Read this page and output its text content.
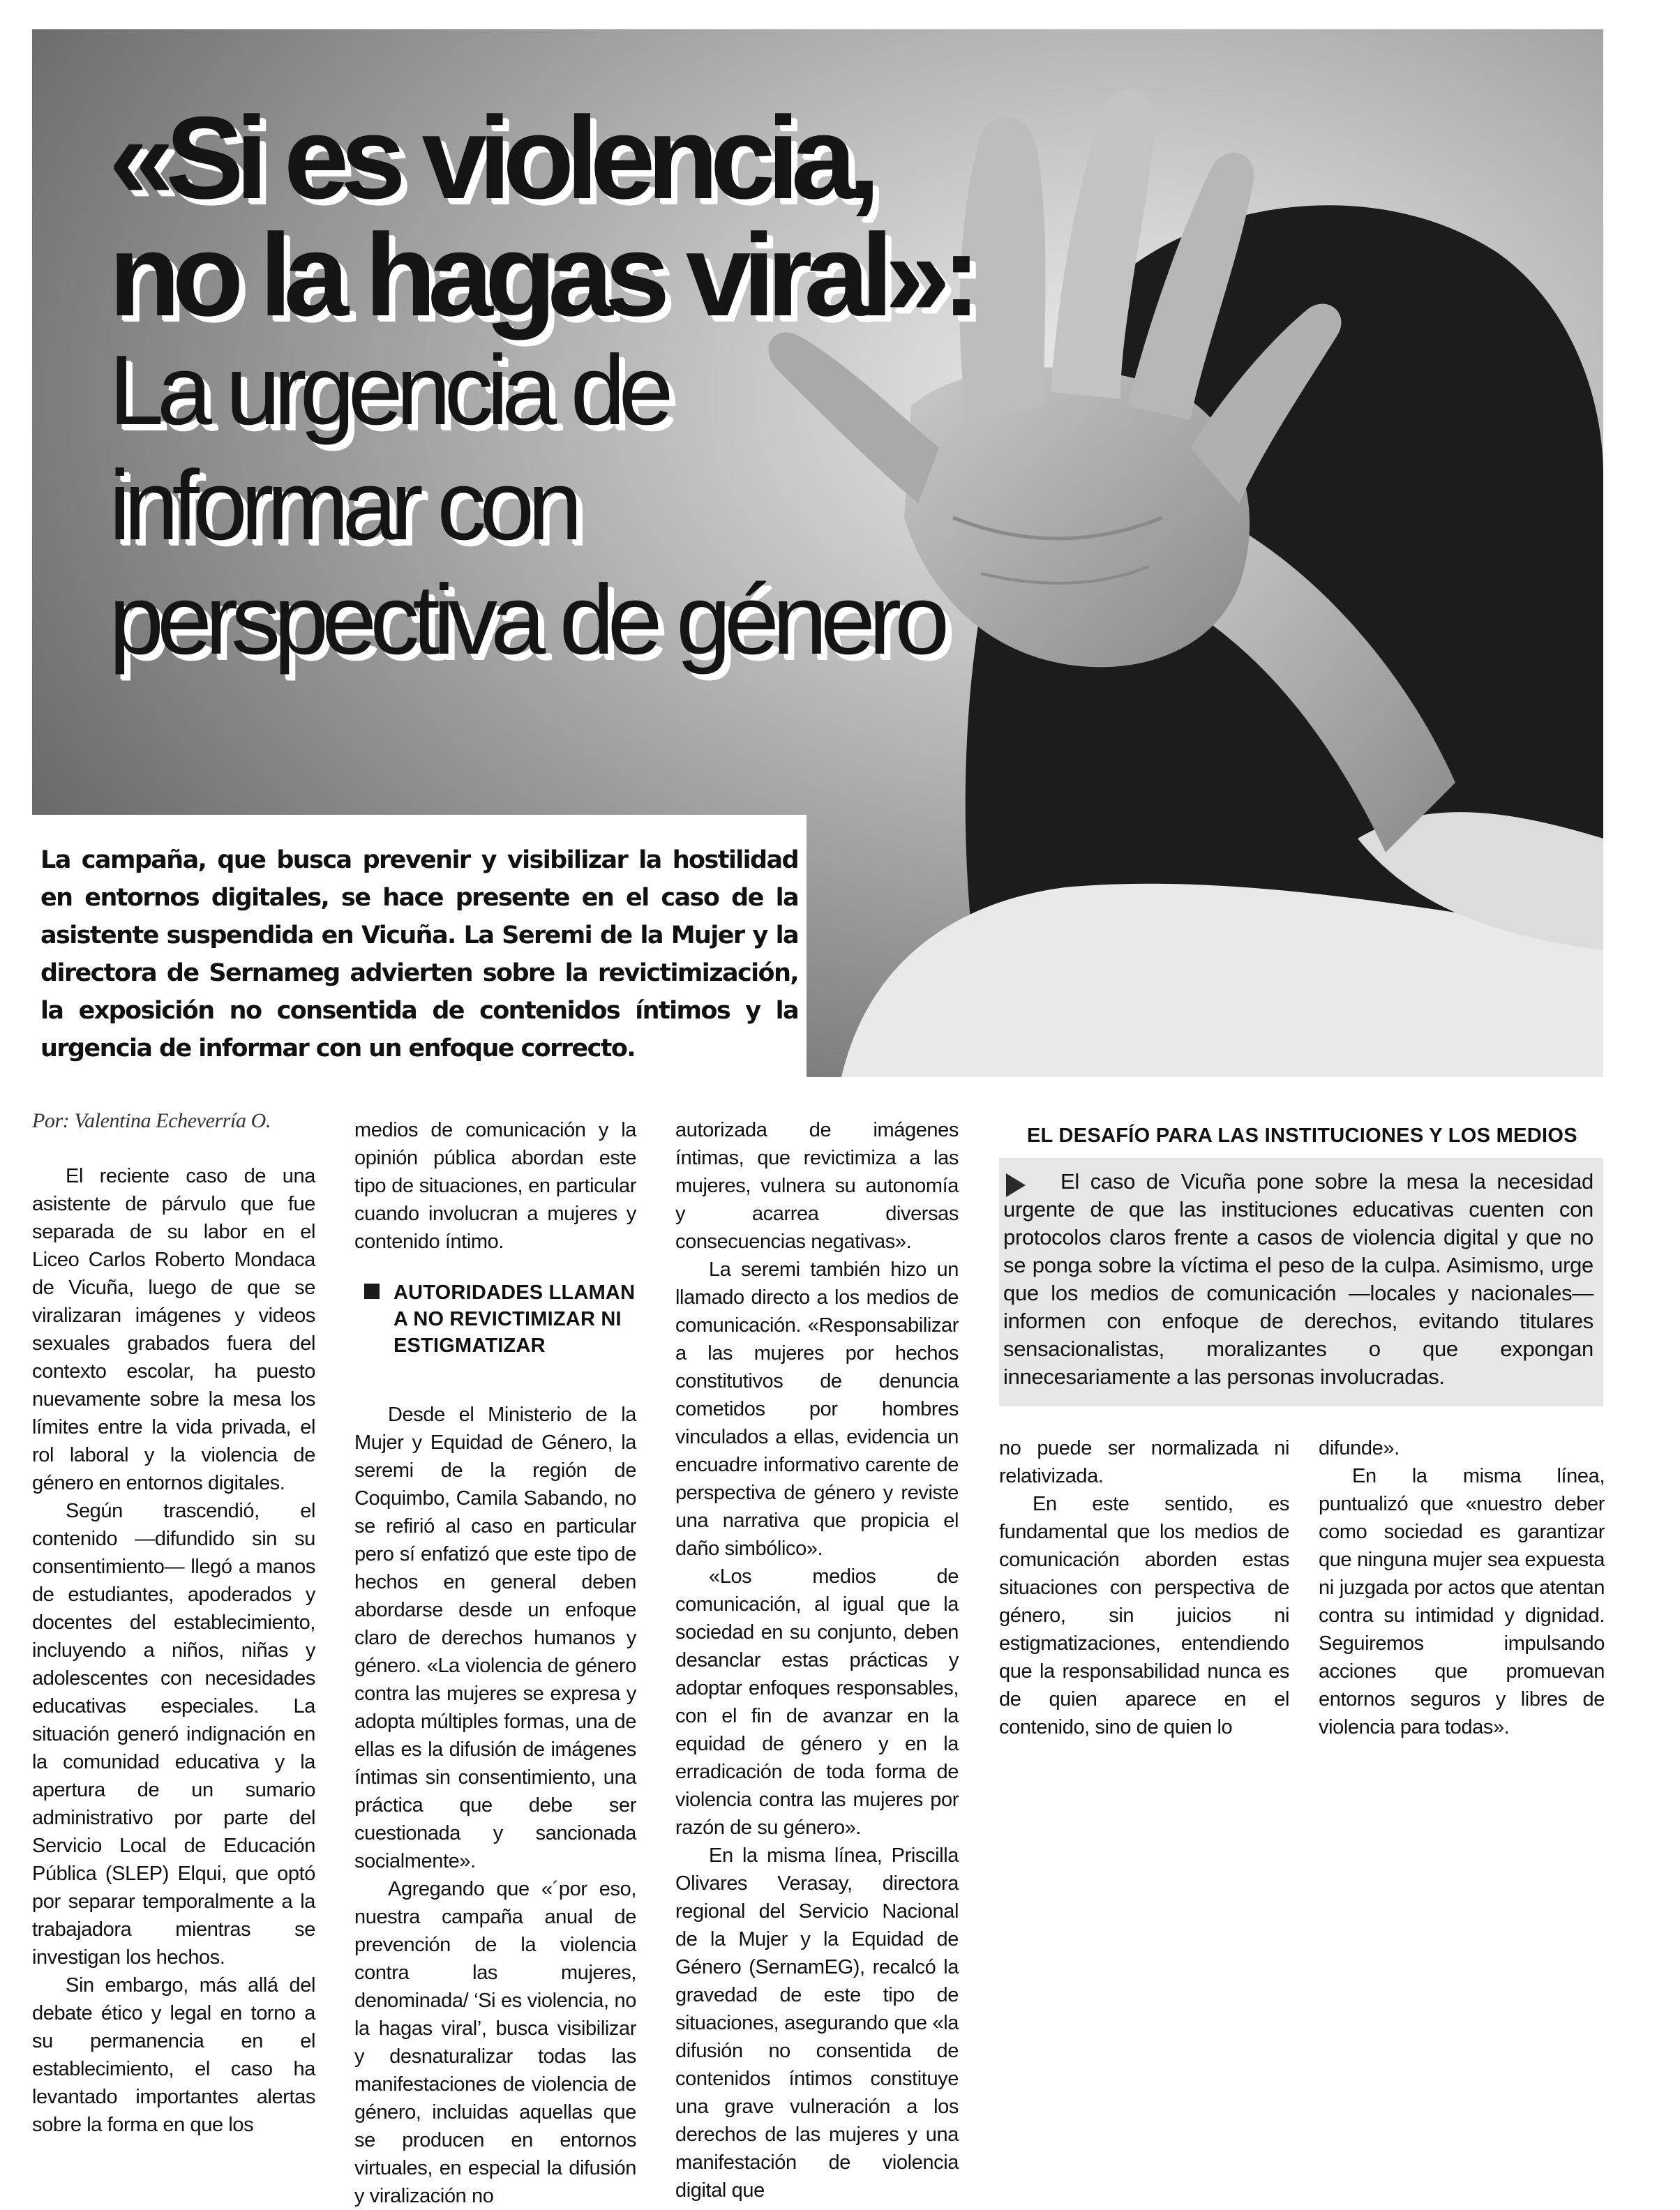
«Si es violencia,
no la hagas viral»:
La urgencia de
informar con
perspectiva de género

La campaña, que busca prevenir y visibilizar la hostilidad en entornos digitales, se hace presente en el caso de la asistente suspendida en Vicuña. La Seremi de la Mujer y la directora de Sernameg advierten sobre la revictimización, la exposición no consentida de contenidos íntimos y la urgencia de informar con un enfoque correcto.

Por: Valentina Echeverría O.

El reciente caso de una asistente de párvulo que fue separada de su labor en el Liceo Carlos Roberto Mondaca de Vicuña, luego de que se viralizaran imágenes y videos sexuales grabados fuera del contexto escolar, ha puesto nuevamente sobre la mesa los límites entre la vida privada, el rol laboral y la violencia de género en entornos digitales.

Según trascendió, el contenido —difundido sin su consentimiento— llegó a manos de estudiantes, apoderados y docentes del establecimiento, incluyendo a niños, niñas y adolescentes con necesidades educativas especiales. La situación generó indignación en la comunidad educativa y la apertura de un sumario administrativo por parte del Servicio Local de Educación Pública (SLEP) Elqui, que optó por separar temporalmente a la trabajadora mientras se investigan los hechos.

Sin embargo, más allá del debate ético y legal en torno a su permanencia en el establecimiento, el caso ha levantado importantes alertas sobre la forma en que los

medios de comunicación y la opinión pública abordan este tipo de situaciones, en particular cuando involucran a mujeres y contenido íntimo.

AUTORIDADES LLAMAN A NO REVICTIMIZAR NI ESTIGMATIZAR

Desde el Ministerio de la Mujer y Equidad de Género, la seremi de la región de Coquimbo, Camila Sabando, no se refirió al caso en particular pero sí enfatizó que este tipo de hechos en general deben abordarse desde un enfoque claro de derechos humanos y género. «La violencia de género contra las mujeres se expresa y adopta múltiples formas, una de ellas es la difusión de imágenes íntimas sin consentimiento, una práctica que debe ser cuestionada y sancionada socialmente».

Agregando que «´por eso, nuestra campaña anual de prevención de la violencia contra las mujeres, denominada/ ‘Si es violencia, no la hagas viral’, busca visibilizar y desnaturalizar todas las manifestaciones de violencia de género, incluidas aquellas que se producen en entornos virtuales, en especial la difusión y viralización no

autorizada de imágenes íntimas, que revictimiza a las mujeres, vulnera su autonomía y acarrea diversas consecuencias negativas».

La seremi también hizo un llamado directo a los medios de comunicación. «Responsabilizar a las mujeres por hechos constitutivos de denuncia cometidos por hombres vinculados a ellas, evidencia un encuadre informativo carente de perspectiva de género y reviste una narrativa que propicia el daño simbólico».

«Los medios de comunicación, al igual que la sociedad en su conjunto, deben desanclar estas prácticas y adoptar enfoques responsables, con el fin de avanzar en la equidad de género y en la erradicación de toda forma de violencia contra las mujeres por razón de su género».

En la misma línea, Priscilla Olivares Verasay, directora regional del Servicio Nacional de la Mujer y la Equidad de Género (SernamEG), recalcó la gravedad de este tipo de situaciones, asegurando que «la difusión no consentida de contenidos íntimos constituye una grave vulneración a los derechos de las mujeres y una manifestación de violencia digital que

EL DESAFÍO PARA LAS INSTITUCIONES Y LOS MEDIOS

El caso de Vicuña pone sobre la mesa la necesidad urgente de que las instituciones educativas cuenten con protocolos claros frente a casos de violencia digital y que no se ponga sobre la víctima el peso de la culpa. Asimismo, urge que los medios de comunicación —locales y nacionales— informen con enfoque de derechos, evitando titulares sensacionalistas, moralizantes o que expongan innecesariamente a las personas involucradas.

no puede ser normalizada ni relativizada.

En este sentido, es fundamental que los medios de comunicación aborden estas situaciones con perspectiva de género, sin juicios ni estigmatizaciones, entendiendo que la responsabilidad nunca es de quien aparece en el contenido, sino de quien lo

difunde».

En la misma línea, puntualizó que «nuestro deber como sociedad es garantizar que ninguna mujer sea expuesta ni juzgada por actos que atentan contra su intimidad y dignidad. Seguiremos impulsando acciones que promuevan entornos seguros y libres de violencia para todas».
